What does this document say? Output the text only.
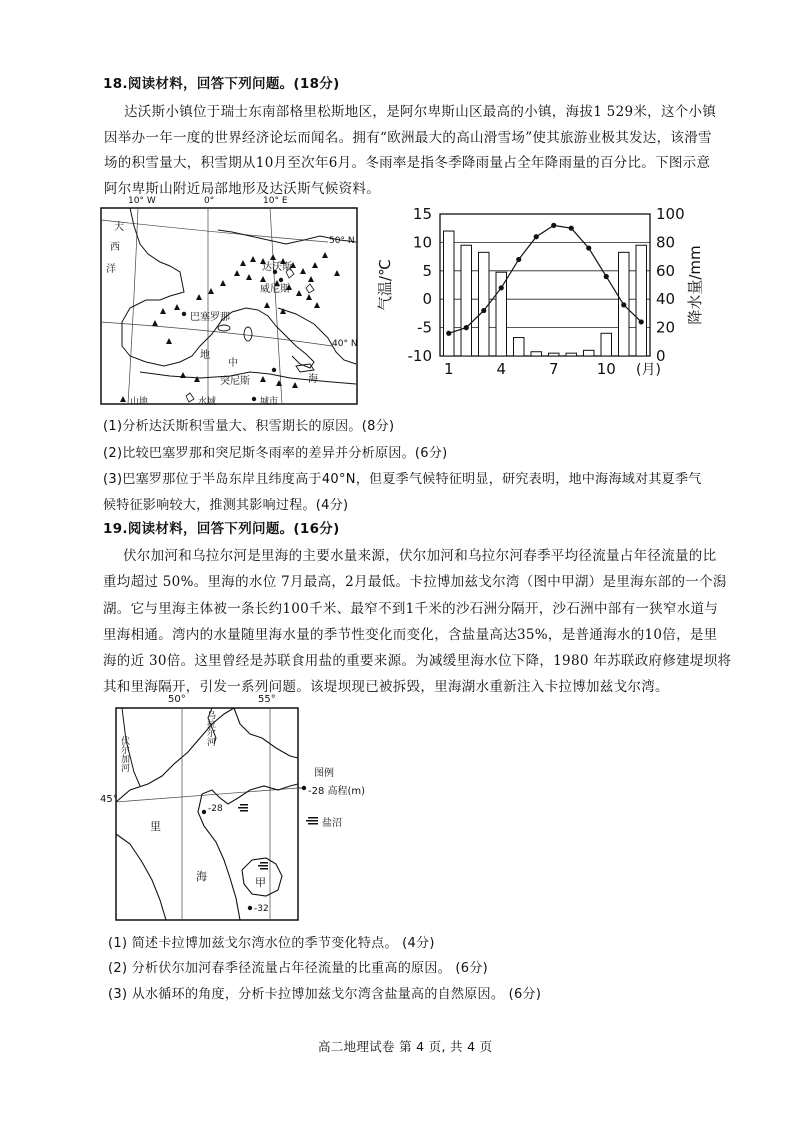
18.阅读材料，回答下列问题。(18分)
达沃斯小镇位于瑞士东南部格里松斯地区，是阿尔卑斯山区最高的小镇，海拔1 529米，这个小镇
因举办一年一度的世界经济论坛而闻名。拥有“欧洲最大的高山滑雪场”使其旅游业极其发达，该滑雪
场的积雪量大，积雪期从10月至次年6月。冬雨率是指冬季降雨量占全年降雨量的百分比。下图示意
阿尔卑斯山附近局部地形及达沃斯气候资料。
10° W	0°	10° E
50° N
40° N
大
西
洋	达沃斯
威尼斯
巴塞罗那
地
中
突尼斯	海
山地	水域	城市
15
10
5
0
-5
-10
100
80
60
40
20
0
1	4	7	10 (月)
气温/℃	降水量/mm
(1)分析达沃斯积雪量大、积雪期长的原因。(8分)
(2)比较巴塞罗那和突尼斯冬雨率的差异并分析原因。(6分)
(3)巴塞罗那位于半岛东岸且纬度高于40°N，但夏季气候特征明显，研究表明，地中海海域对其夏季气
候特征影响较大，推测其影响过程。(4分)
19.阅读材料，回答下列问题。(16分)
伏尔加河和乌拉尔河是里海的主要水量来源，伏尔加河和乌拉尔河春季平均径流量占年径流量的比
重均超过 50%。里海的水位 7月最高，2月最低。卡拉博加兹戈尔湾（图中甲湖）是里海东部的一个潟
湖。它与里海主体被一条长约100千米、最窄不到1千米的沙石洲分隔开，沙石洲中部有一狭窄水道与
里海相通。湾内的水量随里海水量的季节性变化而变化，含盐量高达35%，是普通海水的10倍，是里
海的近 30倍。这里曾经是苏联食用盐的重要来源。为减缓里海水位下降，1980 年苏联政府修建堤坝将
其和里海隔开，引发一系列问题。该堤坝现已被拆毁，里海湖水重新注入卡拉博加兹戈尔湾。
50°	55°
45°
伏尔加河
乌拉尔河
里
海	甲
-28
-32
图例
-28 高程(m)
盐沼
(1) 简述卡拉博加兹戈尔湾水位的季节变化特点。 (4分)
(2) 分析伏尔加河春季径流量占年径流量的比重高的原因。 (6分)
(3) 从水循环的角度，分析卡拉博加兹戈尔湾含盐量高的自然原因。 (6分)
高二地理试卷 第 4 页, 共 4 页
